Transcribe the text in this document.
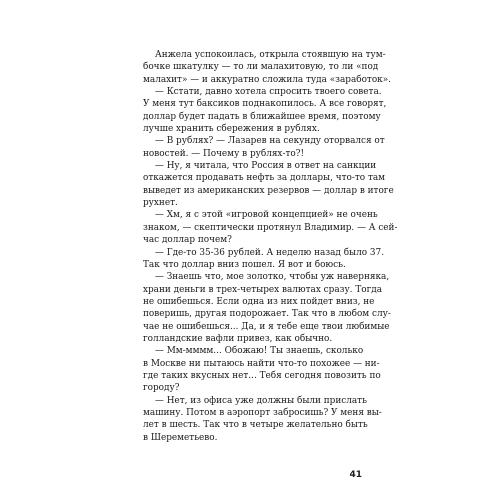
Анжела успокоилась, открыла стоявшую на тум-
бочке шкатулку — то ли малахитовую, то ли «под
малахит» — и аккуратно сложила туда «заработок».
— Кстати, давно хотела спросить твоего совета.
У меня тут баксиков поднакопилось. А все говорят,
доллар будет падать в ближайшее время, поэтому
лучше хранить сбережения в рублях.
— В рублях? — Лазарев на секунду оторвался от
новостей. — Почему в рублях-то?!
— Ну, я читала, что Россия в ответ на санкции
откажется продавать нефть за доллары, что-то там
выведет из американских резервов — доллар в итоге
рухнет.
— Хм, я с этой «игровой концепцией» не очень
знаком, — скептически протянул Владимир. — А сей-
час доллар почем?
— Где-то 35-36 рублей. А неделю назад было 37.
Так что доллар вниз пошел. Я вот и боюсь.
— Знаешь что, мое золотко, чтобы уж наверняка,
храни деньги в трех-четырех валютах сразу. Тогда
не ошибешься. Если одна из них пойдет вниз, не
поверишь, другая подорожает. Так что в любом слу-
чае не ошибешься... Да, и я тебе еще твои любимые
голландские вафли привез, как обычно.
— Мм-мммм... Обожаю! Ты знаешь, сколько
в Москве ни пытаюсь найти что-то похожее — ни-
где таких вкусных нет... Тебя сегодня повозить по
городу?
— Нет, из офиса уже должны были прислать
машину. Потом в аэропорт забросишь? У меня вы-
лет в шесть. Так что в четыре желательно быть
в Шереметьево.
41
